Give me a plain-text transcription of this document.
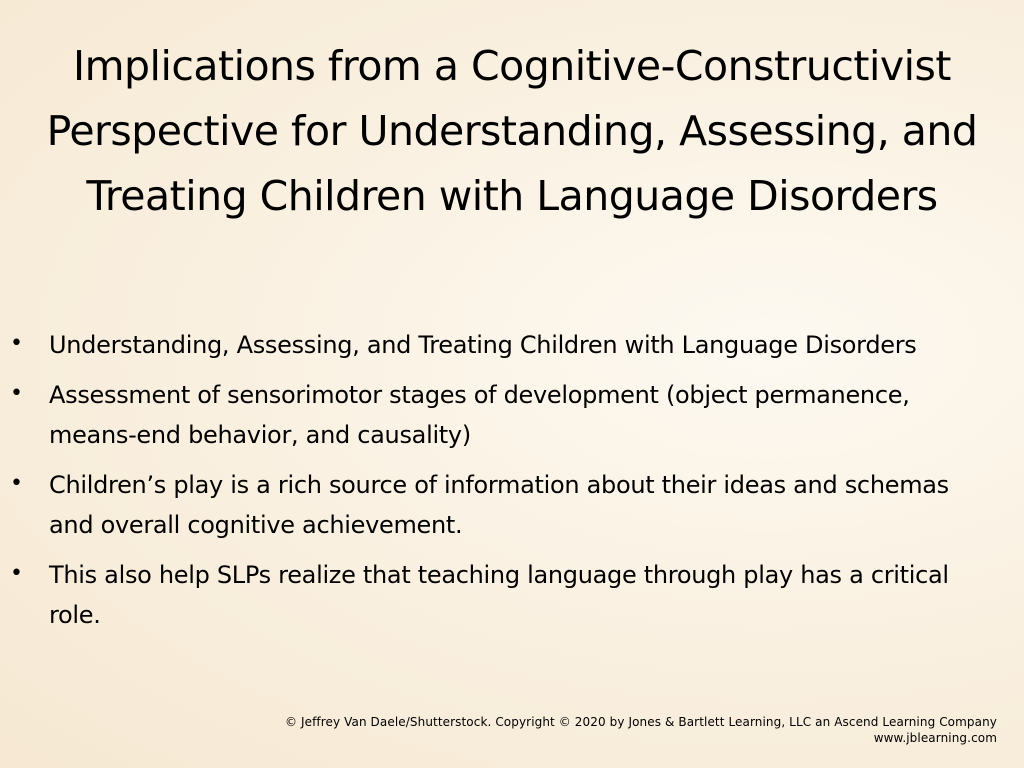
Implications from a Cognitive-Constructivist Perspective for Understanding, Assessing, and Treating Children with Language Disorders
• Understanding, Assessing, and Treating Children with Language Disorders
• Assessment of sensorimotor stages of development (object permanence, means-end behavior, and causality)
• Children’s play is a rich source of information about their ideas and schemas and overall cognitive achievement.
• This also help SLPs realize that teaching language through play has a critical role.

© Jeffrey Van Daele/Shutterstock. Copyright © 2020 by Jones & Bartlett Learning, LLC an Ascend Learning Company
www.jblearning.com
